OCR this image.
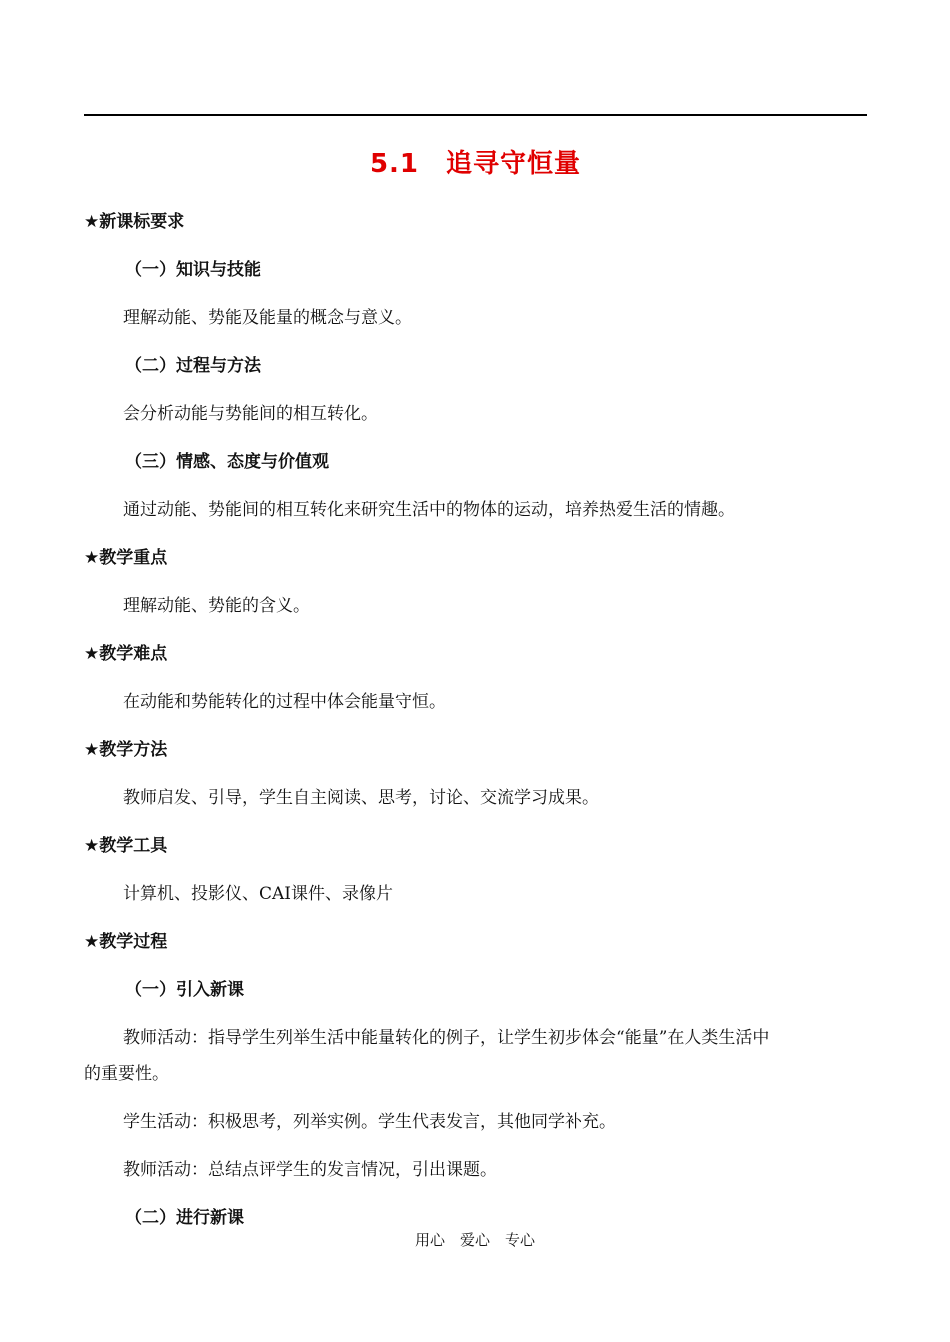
5.1　追寻守恒量
★新课标要求
（一）知识与技能
理解动能、势能及能量的概念与意义。
（二）过程与方法
会分析动能与势能间的相互转化。
（三）情感、态度与价值观
通过动能、势能间的相互转化来研究生活中的物体的运动，培养热爱生活的情趣。
★教学重点
理解动能、势能的含义。
★教学难点
在动能和势能转化的过程中体会能量守恒。
★教学方法
教师启发、引导，学生自主阅读、思考，讨论、交流学习成果。
★教学工具
计算机、投影仪、CAI课件、录像片
★教学过程
（一）引入新课
教师活动：指导学生列举生活中能量转化的例子，让学生初步体会“能量”在人类生活中
的重要性。
学生活动：积极思考，列举实例。学生代表发言，其他同学补充。
教师活动：总结点评学生的发言情况，引出课题。
（二）进行新课
用心　爱心　专心
